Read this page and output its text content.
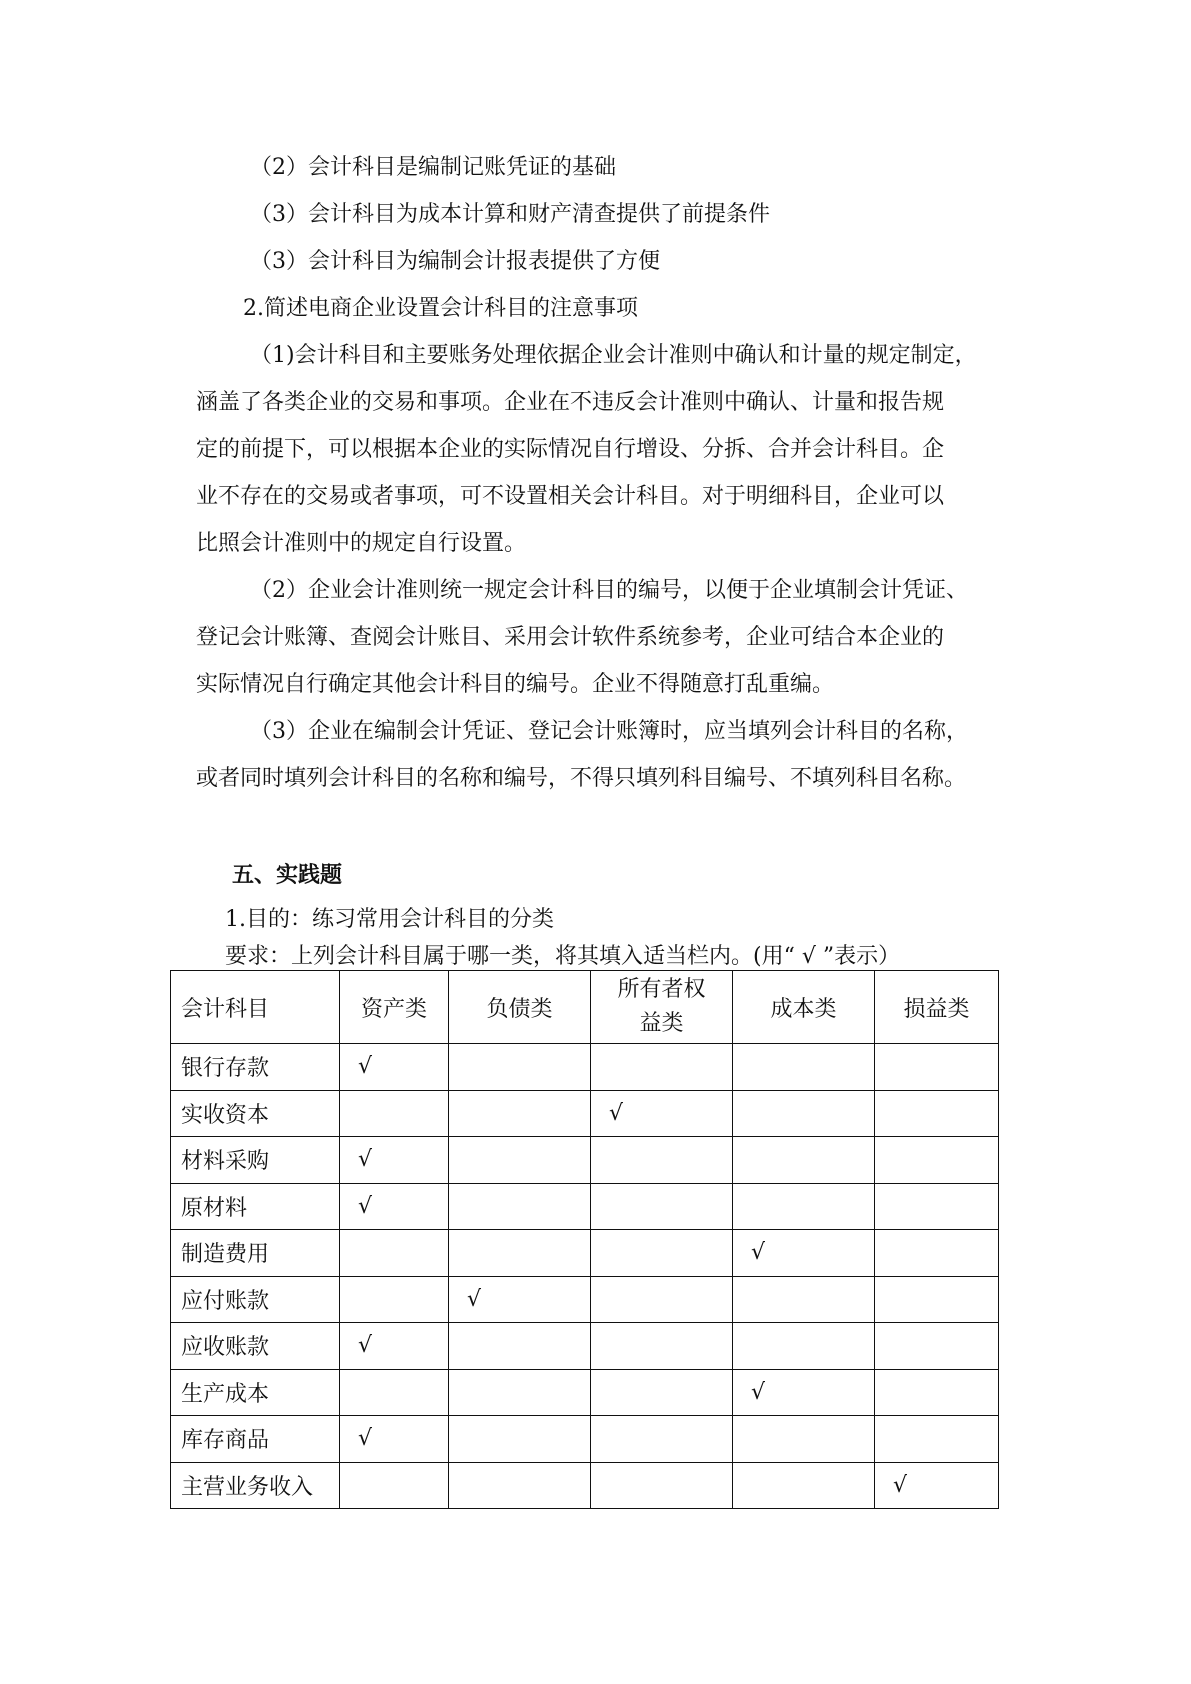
（2）会计科目是编制记账凭证的基础
（3）会计科目为成本计算和财产清查提供了前提条件
（3）会计科目为编制会计报表提供了方便
2.简述电商企业设置会计科目的注意事项
（1)会计科目和主要账务处理依据企业会计准则中确认和计量的规定制定，
涵盖了各类企业的交易和事项。企业在不违反会计准则中确认、计量和报告规
定的前提下，可以根据本企业的实际情况自行增设、分拆、合并会计科目。企
业不存在的交易或者事项，可不设置相关会计科目。对于明细科目，企业可以
比照会计准则中的规定自行设置。
（2）企业会计准则统一规定会计科目的编号，以便于企业填制会计凭证、
登记会计账簿、查阅会计账目、采用会计软件系统参考，企业可结合本企业的
实际情况自行确定其他会计科目的编号。企业不得随意打乱重编。
（3）企业在编制会计凭证、登记会计账簿时，应当填列会计科目的名称，
或者同时填列会计科目的名称和编号，不得只填列科目编号、不填列科目名称。
五、实践题
1.目的：练习常用会计科目的分类
要求：上列会计科目属于哪一类，将其填入适当栏内。(用“ √ ”表示）
会计科目	资产类	负债类	所有者权益类	成本类	损益类
银行存款	√				
实收资本			√		
材料采购	√				
原材料	√				
制造费用				√	
应付账款		√			
应收账款	√				
生产成本				√	
库存商品	√				
主营业务收入					√
